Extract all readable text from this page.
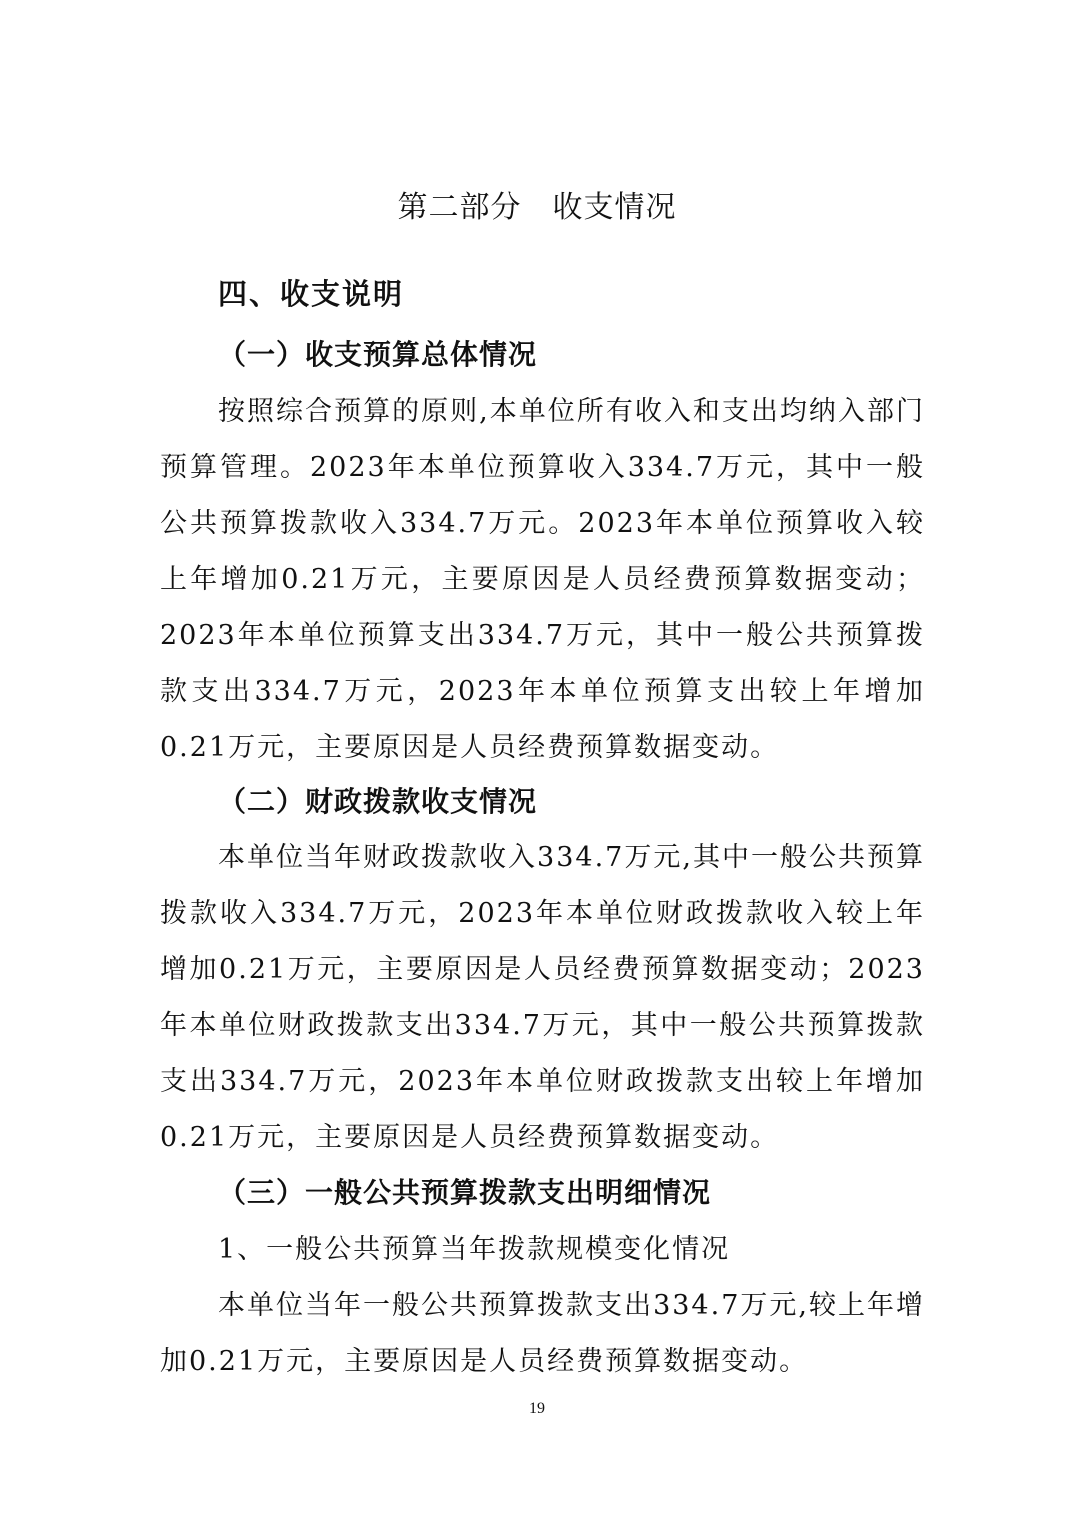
第二部分　收支情况
四、收支说明
（一）收支预算总体情况
按照综合预算的原则,本单位所有收入和支出均纳入部门预算管理。2023年本单位预算收入334.7万元，其中一般公共预算拨款收入334.7万元。2023年本单位预算收入较上年增加0.21万元，主要原因是人员经费预算数据变动；2023年本单位预算支出334.7万元，其中一般公共预算拨款支出334.7万元，2023年本单位预算支出较上年增加0.21万元，主要原因是人员经费预算数据变动。
（二）财政拨款收支情况
本单位当年财政拨款收入334.7万元,其中一般公共预算拨款收入334.7万元，2023年本单位财政拨款收入较上年增加0.21万元，主要原因是人员经费预算数据变动；2023年本单位财政拨款支出334.7万元，其中一般公共预算拨款支出334.7万元，2023年本单位财政拨款支出较上年增加0.21万元，主要原因是人员经费预算数据变动。
（三）一般公共预算拨款支出明细情况
1、一般公共预算当年拨款规模变化情况
本单位当年一般公共预算拨款支出334.7万元,较上年增加0.21万元，主要原因是人员经费预算数据变动。
19
